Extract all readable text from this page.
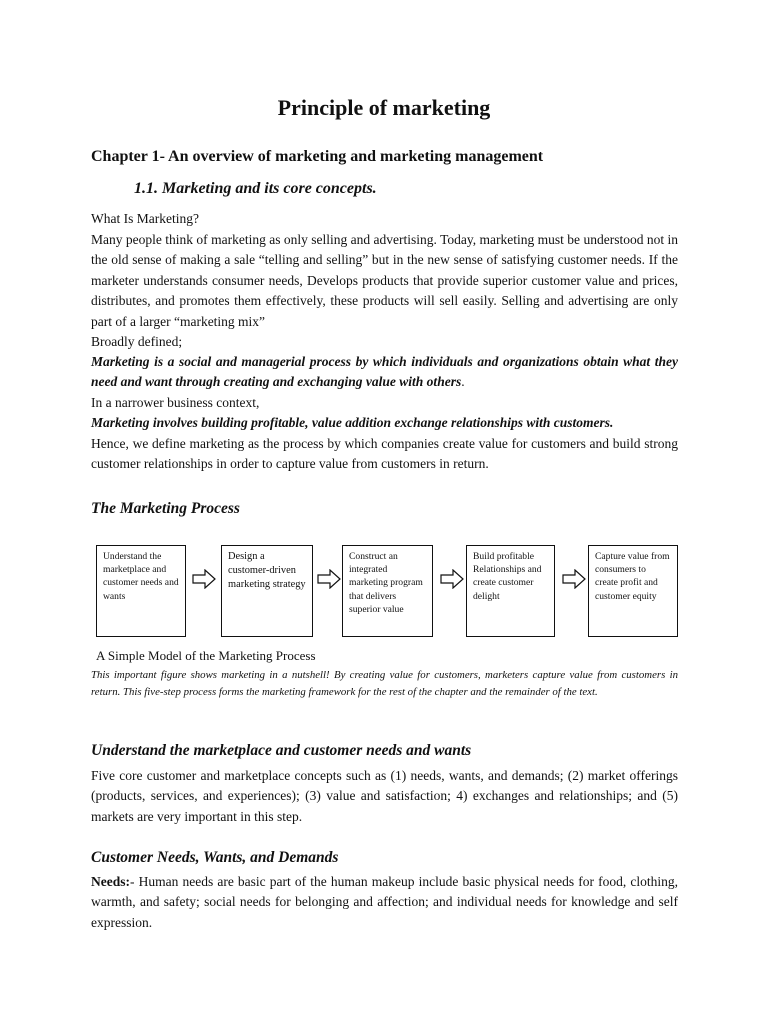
Principle of marketing
Chapter 1- An overview of marketing and marketing management
1.1. Marketing and its core concepts.
What Is Marketing?
Many people think of marketing as only selling and advertising. Today, marketing must be understood not in the old sense of making a sale “telling and selling” but in the new sense of satisfying customer needs. If the marketer understands consumer needs, Develops products that provide superior customer value and prices, distributes, and promotes them effectively, these products will sell easily. Selling and advertising are only part of a larger “marketing mix”
Broadly defined;
Marketing is a social and managerial process by which individuals and organizations obtain what they need and want through creating and exchanging value with others.
In a narrower business context,
Marketing involves building profitable, value addition exchange relationships with customers.
Hence, we define marketing as the process by which companies create value for customers and build strong customer relationships in order to capture value from customers in return.
The Marketing Process
Understand the marketplace and customer needs and wants
Design a customer-driven marketing strategy
Construct an integrated marketing program that delivers superior value
Build profitable Relationships and create customer delight
Capture value from consumers to create profit and customer equity
A Simple Model of the Marketing Process
This important figure shows marketing in a nutshell! By creating value for customers, marketers capture value from customers in return. This five-step process forms the marketing framework for the rest of the chapter and the remainder of the text.
Understand the marketplace and customer needs and wants
Five core customer and marketplace concepts such as (1) needs, wants, and demands; (2) market offerings (products, services, and experiences); (3) value and satisfaction; 4) exchanges and relationships; and (5) markets are very important in this step.
Customer Needs, Wants, and Demands
Needs:- Human needs are basic part of the human makeup include basic physical needs for food, clothing, warmth, and safety; social needs for belonging and affection; and individual needs for knowledge and self expression.
